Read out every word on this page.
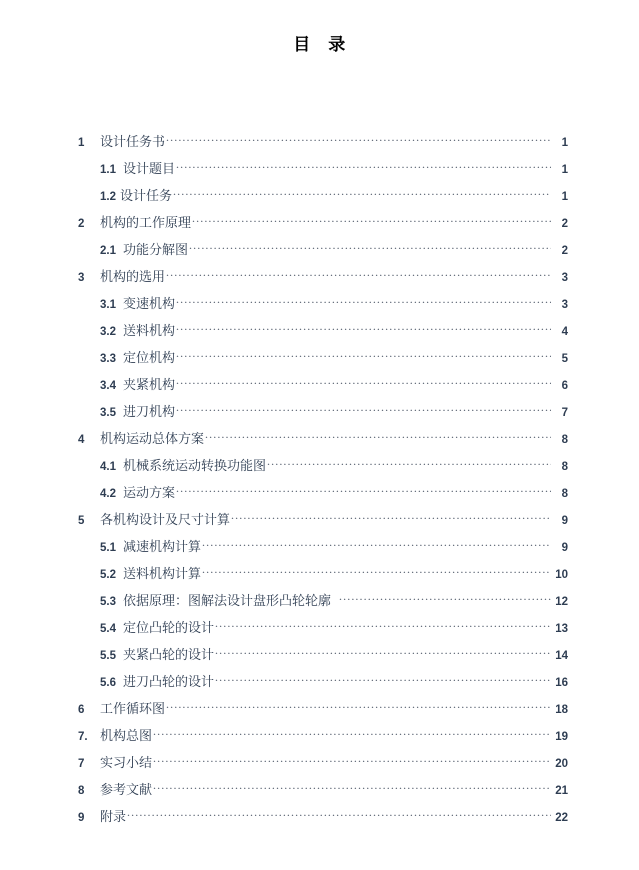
目　录
1	设计任务书 .....	1
1.1 设计题目 .....	1
1.2 设计任务 .....	1
2	机构的工作原理 .....	2
2.1 功能分解图 .....	2
3	机构的选用 .....	3
3.1 变速机构 .....	3
3.2 送料机构 .....	4
3.3 定位机构 .....	5
3.4 夹紧机构 .....	6
3.5 进刀机构 .....	7
4	机构运动总体方案 .....	8
4.1 机械系统运动转换功能图 .....	8
4.2 运动方案 .....	8
5	各机构设计及尺寸计算 .....	9
5.1 减速机构计算 .....	9
5.2 送料机构计算 .....	10
5.3 依据原理：图解法设计盘形凸轮轮廓 .....	12
5.4 定位凸轮的设计 .....	13
5.5 夹紧凸轮的设计 .....	14
5.6 进刀凸轮的设计 .....	16
6	工作循环图 .....	18
7. 机构总图 .....	19
7	实习小结 .....	20
8	参考文献 .....	21
9	附录 .....	22
